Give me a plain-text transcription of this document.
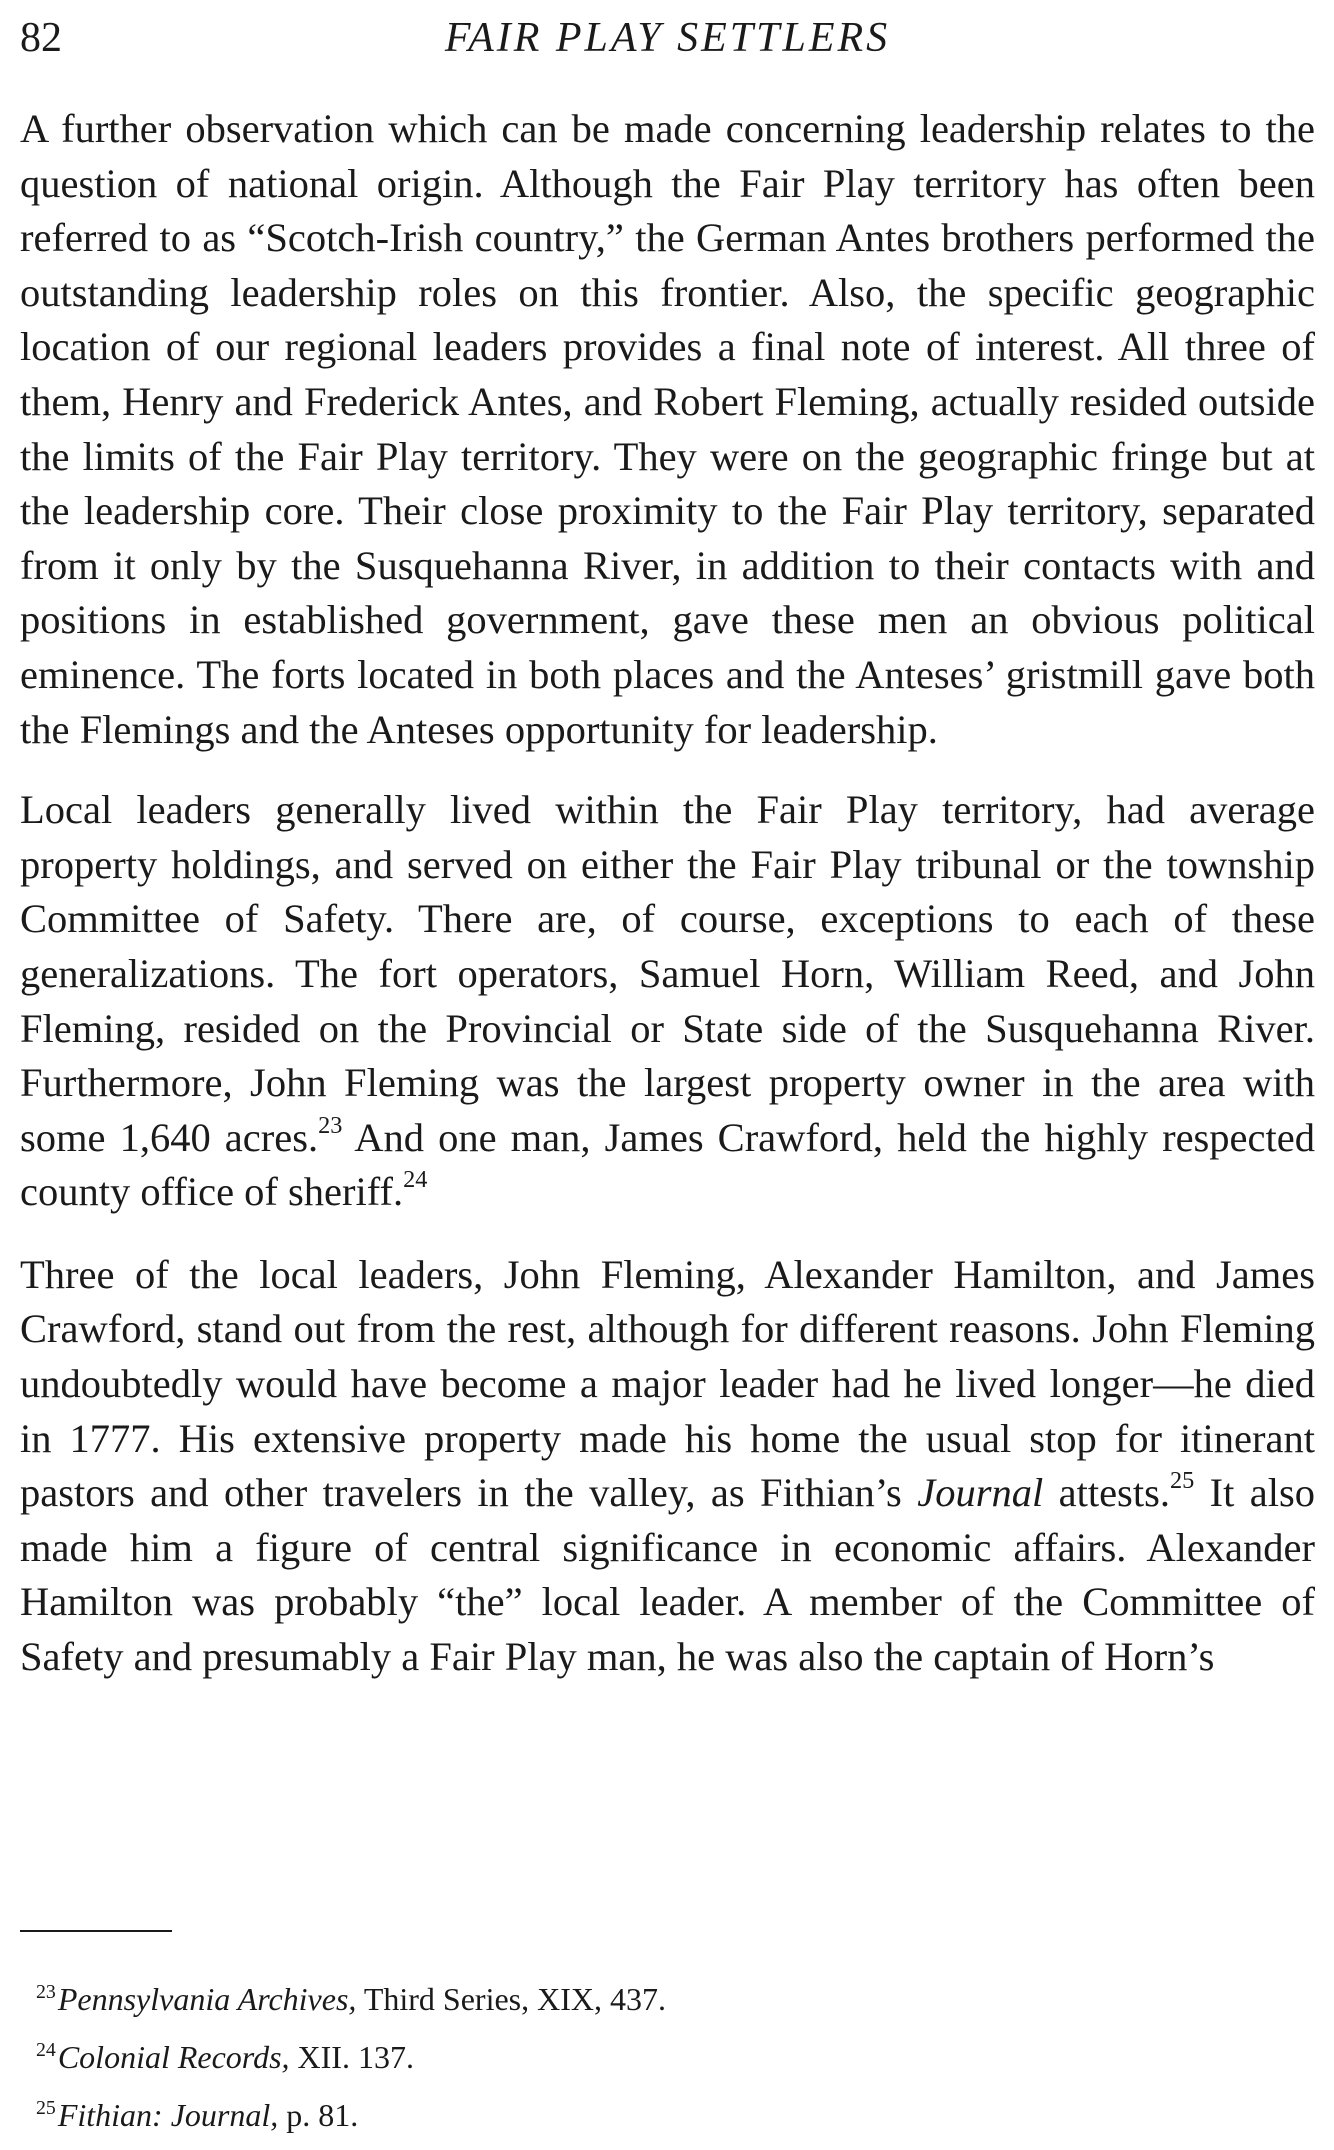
82	FAIR PLAY SETTLERS

A further observation which can be made concerning leadership relates to the question of national origin. Although the Fair Play territory has often been referred to as “Scotch-Irish country,” the German Antes brothers performed the outstanding leadership roles on this frontier. Also, the specific geographic location of our regional leaders provides a final note of interest. All three of them, Henry and Frederick Antes, and Robert Fleming, actually resided outside the limits of the Fair Play territory. They were on the geographic fringe but at the leadership core. Their close proximity to the Fair Play territory, separated from it only by the Susquehanna River, in addition to their contacts with and positions in established government, gave these men an obvious political eminence. The forts located in both places and the Anteses’ gristmill gave both the Flemings and the Anteses opportunity for leadership.

Local leaders generally lived within the Fair Play territory, had average property holdings, and served on either the Fair Play tribunal or the township Committee of Safety. There are, of course, exceptions to each of these generalizations. The fort operators, Samuel Horn, William Reed, and John Fleming, resided on the Provincial or State side of the Susquehanna River. Furthermore, John Fleming was the largest property owner in the area with some 1,640 acres.$^{23}$ And one man, James Crawford, held the highly respected county office of sheriff.$^{24}$

Three of the local leaders, John Fleming, Alexander Hamilton, and James Crawford, stand out from the rest, although for different reasons. John Fleming undoubtedly would have become a major leader had he lived longer—he died in 1777. His extensive property made his home the usual stop for itinerant pastors and other travelers in the valley, as Fithian’s Journal attests.$^{25}$ It also made him a figure of central significance in economic affairs. Alexander Hamilton was probably “the” local leader. A member of the Committee of Safety and presumably a Fair Play man, he was also the captain of Horn’s

$^{23}$Pennsylvania Archives, Third Series, XIX, 437.
$^{24}$Colonial Records, XII. 137.
$^{25}$Fithian: Journal, p. 81.
